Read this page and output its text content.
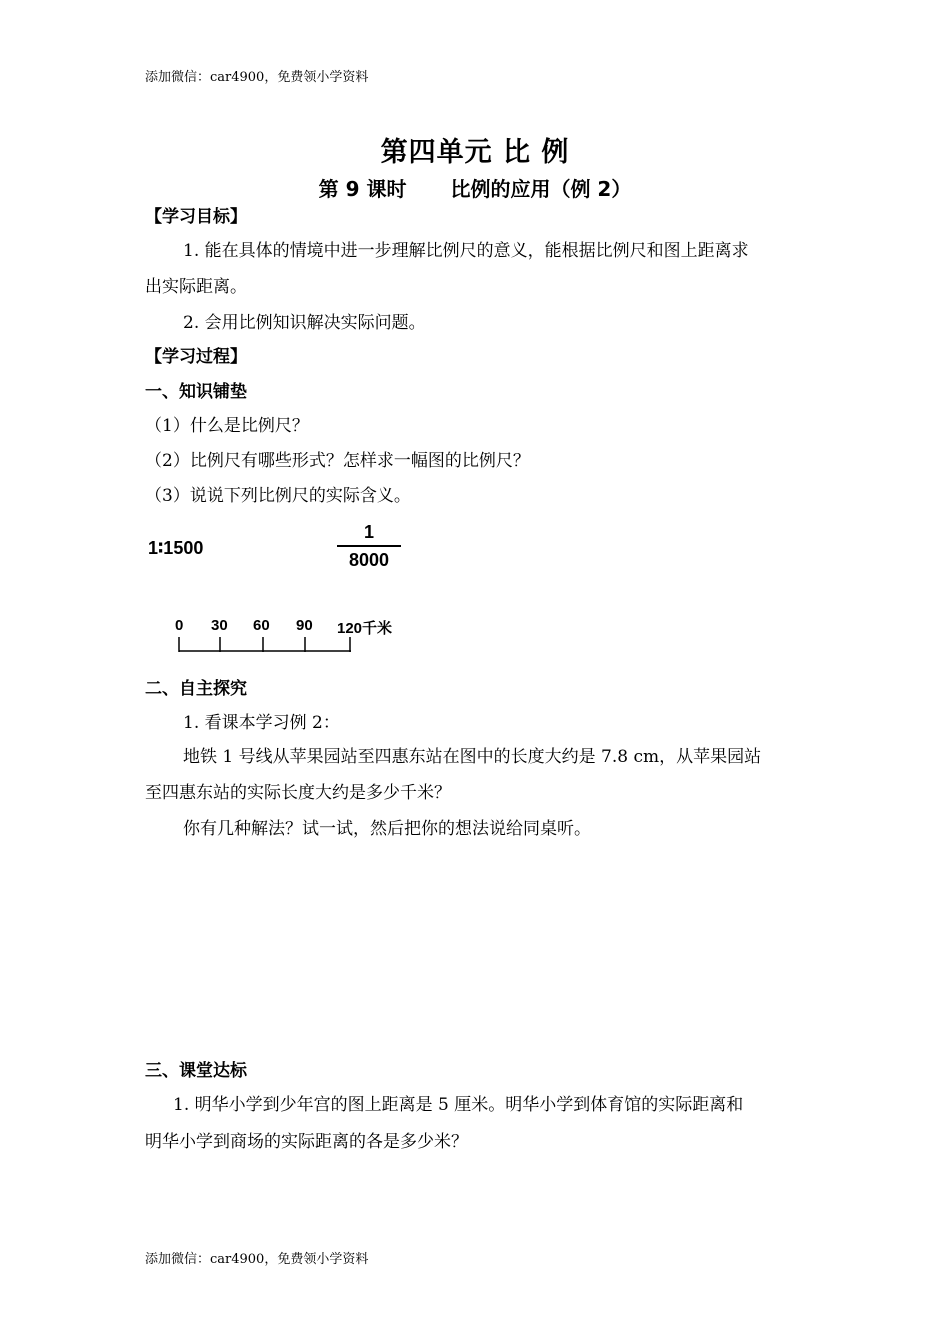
添加微信：car4900，免费领小学资料
第四单元 比 例
第 9 课时 比例的应用（例 2）
【学习目标】
1. 能在具体的情境中进一步理解比例尺的意义，能根据比例尺和图上距离求
出实际距离。
2. 会用比例知识解决实际问题。
【学习过程】
一、知识铺垫
（1）什么是比例尺？
（2）比例尺有哪些形式？怎样求一幅图的比例尺？
（3）说说下列比例尺的实际含义。
1∶1500
1
8000
0 30 60 90 120千米
二、自主探究
1. 看课本学习例 2：
地铁 1 号线从苹果园站至四惠东站在图中的长度大约是 7.8 cm，从苹果园站
至四惠东站的实际长度大约是多少千米？
你有几种解法？试一试，然后把你的想法说给同桌听。
三、课堂达标
1. 明华小学到少年宫的图上距离是 5 厘米。明华小学到体育馆的实际距离和
明华小学到商场的实际距离的各是多少米？
添加微信：car4900，免费领小学资料
